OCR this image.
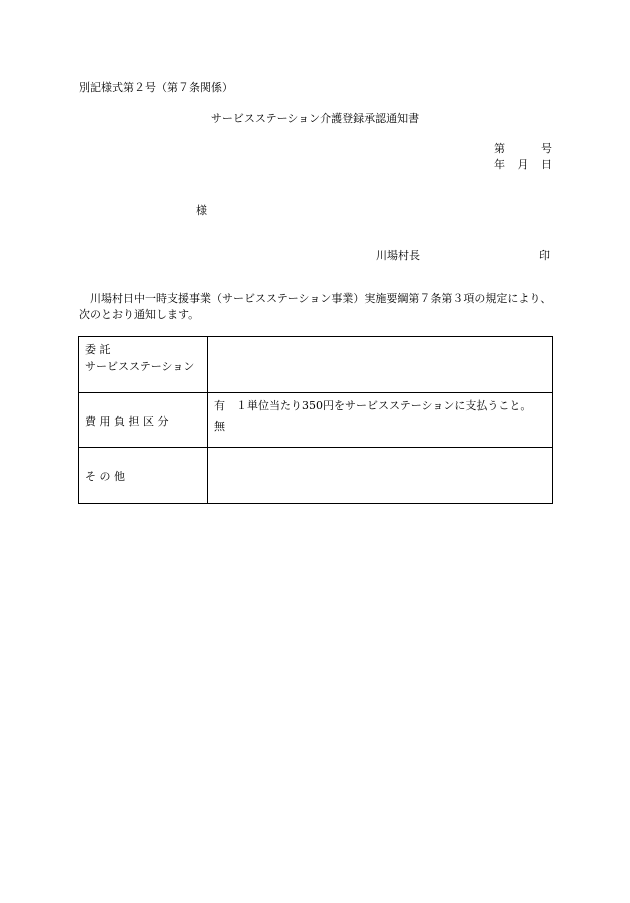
別記様式第２号（第７条関係）
サービスステーション介護登録承認通知書
第	号
年 月 日
様
川場村長	印
川場村日中一時支援事業（サービスステーション事業）実施要綱第７条第３項の規定により、次のとおり通知します。
委 託
サービスステーション	

費 用 負 担 区 分	有　１単位当たり350円をサービスステーションに支払うこと。
無

そ の 他	
